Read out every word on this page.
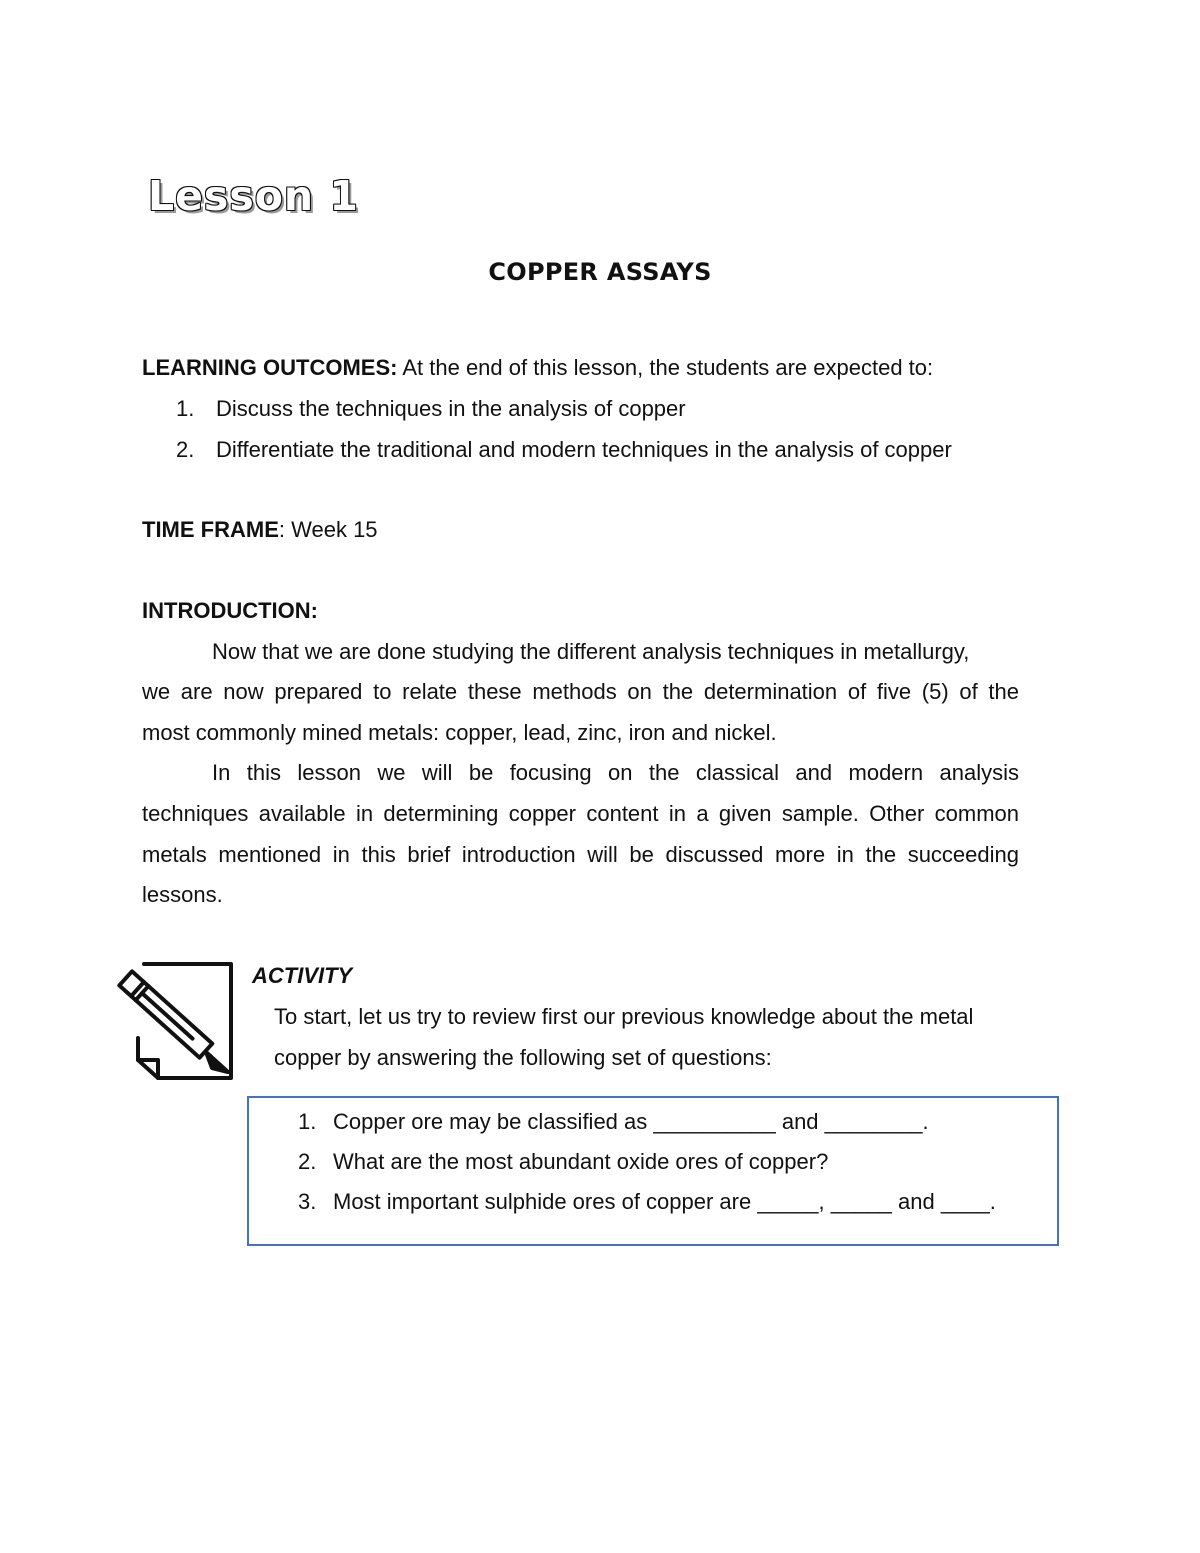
Lesson 1
COPPER ASSAYS
LEARNING OUTCOMES: At the end of this lesson, the students are expected to:
1. Discuss the techniques in the analysis of copper
2. Differentiate the traditional and modern techniques in the analysis of copper
TIME FRAME: Week 15
INTRODUCTION:
Now that we are done studying the different analysis techniques in metallurgy,
we are now prepared to relate these methods on the determination of five (5) of the
most commonly mined metals: copper, lead, zinc, iron and nickel.
In this lesson we will be focusing on the classical and modern analysis
techniques available in determining copper content in a given sample. Other common
metals mentioned in this brief introduction will be discussed more in the succeeding
lessons.
ACTIVITY
To start, let us try to review first our previous knowledge about the metal
copper by answering the following set of questions:
1. Copper ore may be classified as __________ and ________.
2. What are the most abundant oxide ores of copper?
3. Most important sulphide ores of copper are _____, _____ and ____.
